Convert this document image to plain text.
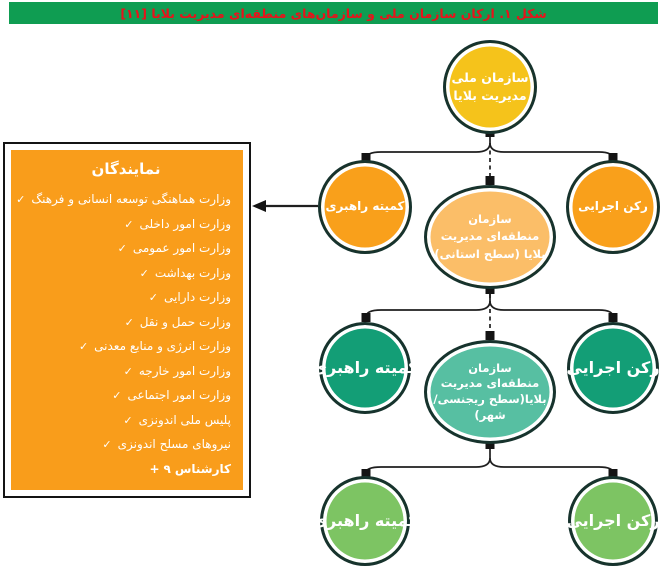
شکل ۱. ارکان سازمان ملی و سازمان‌های منطقه‌ای مدیریت بلایا [۱۱]
سازمان ملی
مدیریت بلایا
کمیته راهبری
سازمان
منطقه‌ای مدیریت
بلایا (سطح استانی)
رکن اجرایی
کمیته راهبری	سازمان
منطقه‌ای مدیریت
بلایا(سطح ریجنسی/
شهر)
رکن اجرایی
کمیته راهبری	رکن اجرایی
نمایندگان
✓ وزارت هماهنگی توسعه انسانی و فرهنگ
✓ وزارت امور داخلی
✓ وزارت امور عمومی
✓ وزارت بهداشت
✓ وزارت دارایی
✓ وزارت حمل و نقل
✓ وزارت انرژی و منابع معدنی
✓ وزارت امور خارجه
✓ وزارت امور اجتماعی
✓ پلیس ملی اندونزی
✓ نیروهای مسلح اندونزی
+ ۹ کارشناس
